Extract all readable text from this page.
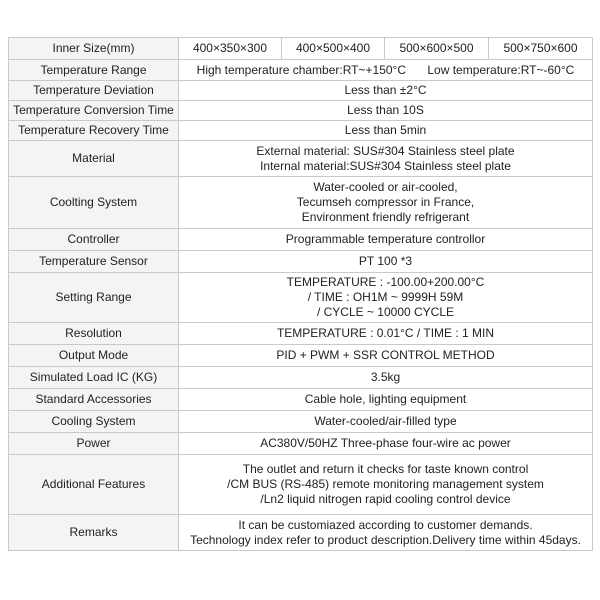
Inner Size(mm)	400×350×300	400×500×400	500×600×500	500×750×600
Temperature Range	High temperature chamber:RT~+150°C Low temperature:RT~-60°C			

Temperature Deviation	Less than ±2°C			

Temperature Conversion Time	Less than 10S			

Temperature Recovery Time	Less than 5min			

Material	External material: SUS#304 Stainless steel plate
Internal material:SUS#304 Stainless steel plate			

Coolting System	Water-cooled or air-cooled,
Tecumseh compressor in France,
Environment friendly refrigerant			

Controller	Programmable temperature controllor			

Temperature Sensor	PT 100 *3			

Setting Range	TEMPERATURE : -100.00+200.00°C
/ TIME : OH1M ~ 9999H 59M
/ CYCLE ~ 10000 CYCLE			

Resolution	TEMPERATURE : 0.01°C / TIME : 1 MIN			

Output Mode	PID + PWM + SSR CONTROL METHOD			

Simulated Load IC (KG)	3.5kg			

Standard Accessories	Cable hole, lighting equipment			

Cooling System	Water-cooled/air-filled type			

Power	AC380V/50HZ Three-phase four-wire ac power			

Additional Features	The outlet and return it checks for taste known control
/CM BUS (RS-485) remote monitoring management system
/Ln2 liquid nitrogen rapid cooling control device			

Remarks	It can be customiazed according to customer demands.
Technology index refer to product description.Delivery time within 45days.			
